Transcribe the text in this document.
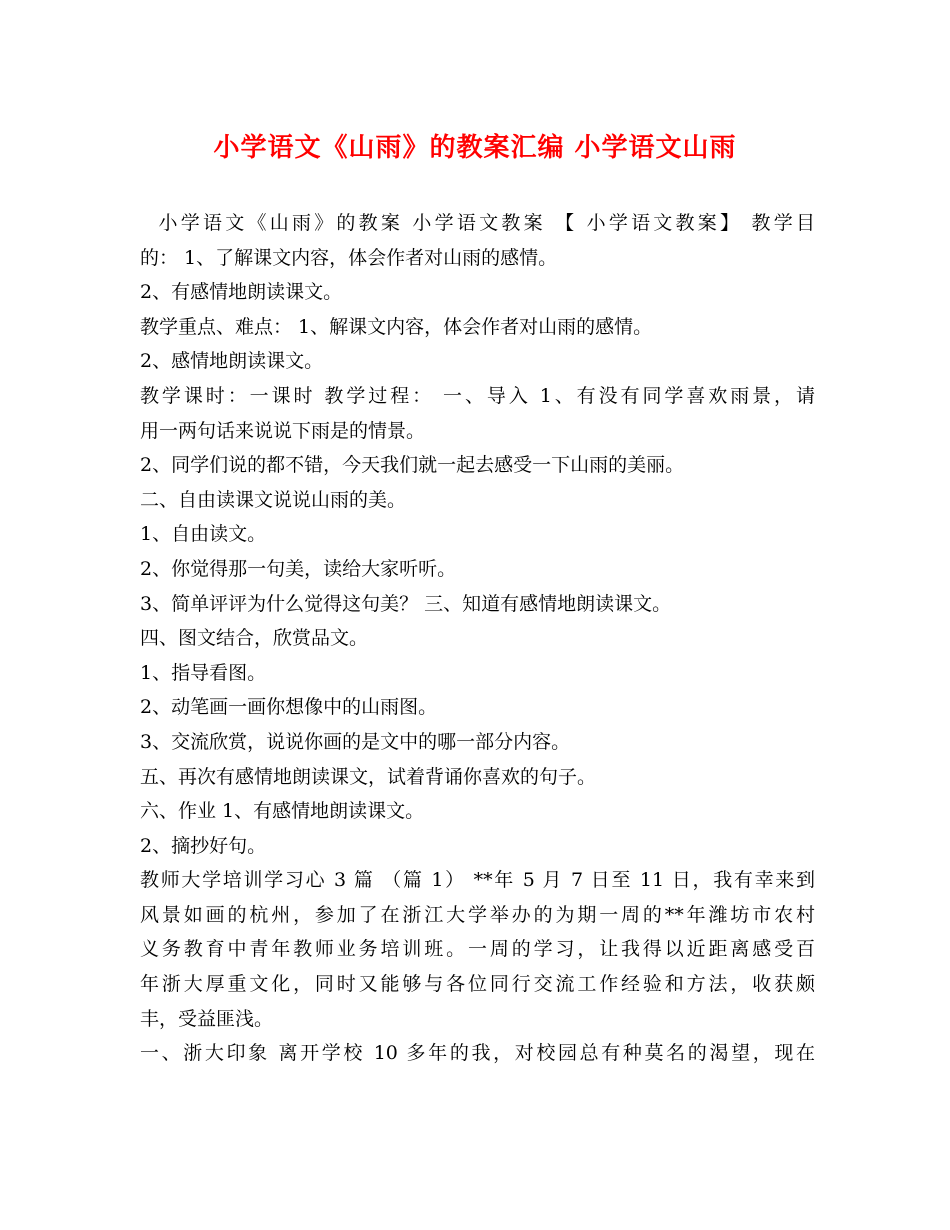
小学语文《山雨》的教案汇编 小学语文山雨
小学语文《山雨》的教案 小学语文教案 【 小学语文教案】 教学目
的： 1、了解课文内容，体会作者对山雨的感情。
2、有感情地朗读课文。
教学重点、难点： 1、解课文内容，体会作者对山雨的感情。
2、感情地朗读课文。
教学课时：一课时 教学过程： 一、导入 1、有没有同学喜欢雨景，请
用一两句话来说说下雨是的情景。
2、同学们说的都不错，今天我们就一起去感受一下山雨的美丽。
二、自由读课文说说山雨的美。
1、自由读文。
2、你觉得那一句美，读给大家听听。
3、简单评评为什么觉得这句美？ 三、知道有感情地朗读课文。
四、图文结合，欣赏品文。
1、指导看图。
2、动笔画一画你想像中的山雨图。
3、交流欣赏，说说你画的是文中的哪一部分内容。
五、再次有感情地朗读课文，试着背诵你喜欢的句子。
六、作业 1、有感情地朗读课文。
2、摘抄好句。
教师大学培训学习心 3 篇 （篇 1） **年 5 月 7 日至 11 日，我有幸来到
风景如画的杭州，参加了在浙江大学举办的为期一周的**年潍坊市农村
义务教育中青年教师业务培训班。一周的学习，让我得以近距离感受百
年浙大厚重文化，同时又能够与各位同行交流工作经验和方法，收获颇
丰，受益匪浅。
一、浙大印象 离开学校 10 多年的我，对校园总有种莫名的渴望，现在
